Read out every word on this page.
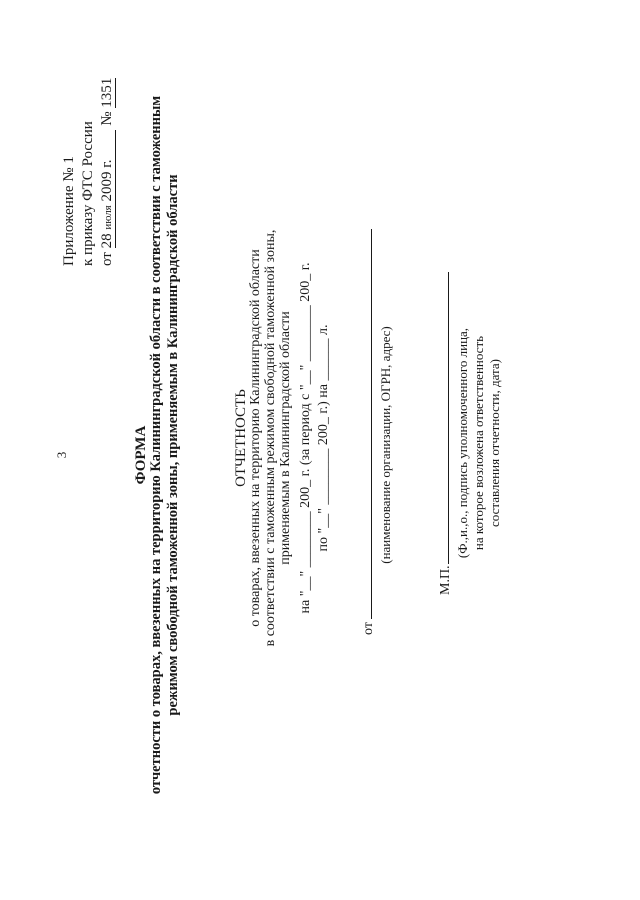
3
Приложение № 1 к приказу ФТС России от 28 июля 2009 г. № 1351
ФОРМА отчетности о товарах, ввезенных на территорию Калининградской области в соответствии с таможенным режимом свободной таможенной зоны, применяемым в Калининградской области	ОТЧЕТНОСТЬ о товарах, ввезенных на территорию Калининградской области в соответствии с таможенным режимом свободной таможенной зоны, применяемым в Калининградской области на "__" ________ 200_ г. (за период с "__" ________ 200_ г. по "__" ________ 200_ г.) на ______ л.
от
(наименование организации, ОГРН, адрес)
М.П.
(Ф.,и.,о., подпись уполномоченного лица, на которое возложена ответственность составления отчетности, дата)
